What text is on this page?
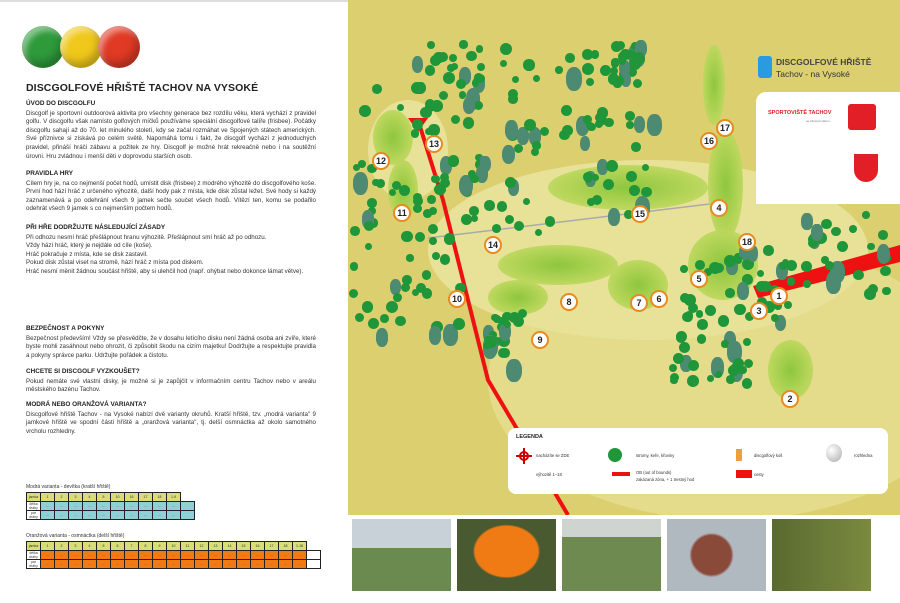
DISCGOLFOVÉ HŘIŠTĚ TACHOV NA VYSOKÉ
ÚVOD DO DISCGOLFU

Discgolf je sportovní outdoorová aktivita pro všechny generace bez rozdílu věku, která vychází z pravidel golfu. V discgolfu však namísto golfových míčků používáme speciální discgolfové talíře (frisbee). Počátky discgolfu sahají až do 70. let minulého století, kdy se začal rozmáhat ve Spojených státech amerických. Své příznivce si získává po celém světě. Napomáhá tomu i fakt, že discgolf vychází z jednoduchých pravidel, přináší hráči zábavu a požitek ze hry. Discgolf je možné hrát rekreačně nebo i na soutěžní úrovni. Hru zvládnou i menší děti v doprovodu starších osob.

PRAVIDLA HRY

Cílem hry je, na co nejmenší počet hodů, umístit disk (frisbee) z modrého výhozitě do discgolfového koše. První hod hází hráč z určeného výhozitě, další hody pak z místa, kde disk zůstal ležet. Své hody si každý zaznamenává a po odehrání všech 9 jamek sečte součet všech hodů. Vítězí ten, komu se podařilo odehrát všech 9 jamek s co nejmenším počtem hodů.

PŘI HŘE DODRŽUJTE NÁSLEDUJÍCÍ ZÁSADY

Při odhozu nesmí hráč přešlápnout hranu výhozitě. Přešlápnout smí hráč až po odhozu.

Vždy hází hráč, který je nejdále od cíle (koše).

Hráč pokračuje z místa, kde se disk zastavil.

Pokud disk zůstal viset na stromě, hází hráč z místa pod diskem.

Hráč nesmí měnit žádnou součást hřiště, aby si ulehčil hod (např. ohýbat nebo dokonce lámat větve).

BEZPEČNOST A POKYNY

Bezpečnost především! Vždy se přesvědčte, že v dosahu letícího disku není žádná osoba ani zvíře, které byste mohli zasáhnout nebo ohrozit, či způsobit škodu na cizím majetku! Dodržujte a respektujte pravidla a pokyny správce parku. Udržujte pořádek a čistotu.

CHCETE SI DISCGOLF VYZKOUŠET?

Pokud nemáte své vlastní disky, je možné si je zapůjčit v informačním centru Tachov nebo v areálu městského bazénu Tachov.

MODRÁ NEBO ORANŽOVÁ VARIANTA?

Discgolfové hřiště Tachov - na Vysoké nabízí dvě varianty okruhů. Kratší hřiště, tzv. „modrá varianta" 9 jamkové hřiště ve spodní části hřiště a „oranžová varianta", tj. delší osmnáctka až okolo samotného vrcholu rozhledny.

Modrá varianta - devítka (kratší hřiště)
jamka	1	2	3	4	5	10	16	17	18	1-9	
délka dráhy	…	…	…	…	…	…	…	…	…	…	
par dráhy	…	…	…	…	…	…	…	…	…	…	
Oranžová varianta - osmnáctka (delší hřiště)
jamka	1	2	3	4	5	6	7	8	9	10	11	12	13	14	15	16	17	18	1-18	
délka dráhy	…	…	…	…	…	…	…	…	…	…	…	…	…	…	…	…	…	…	…	
par dráhy	…	…	…	…	…	…	…	…	…	…	…	…	…	…	…	…	…	…	…	
DISCGOLFOVÉ HŘIŠTĚ
Tachov - na Vysoké
SPORTOVIŠTĚ TACHOV
se zdravým tělem...
1
2
3
4
5
6
7
8
9
10
11
12
13
14
15
16
17
18
LEGENDA
nacházíte se ZDE	stromy, keře, křoviny	discgolfový koš	rozhledna
výhozitě 1–18	OB (out of bounds)
zakázaná zóna, + 1 trestný hod
cesty
